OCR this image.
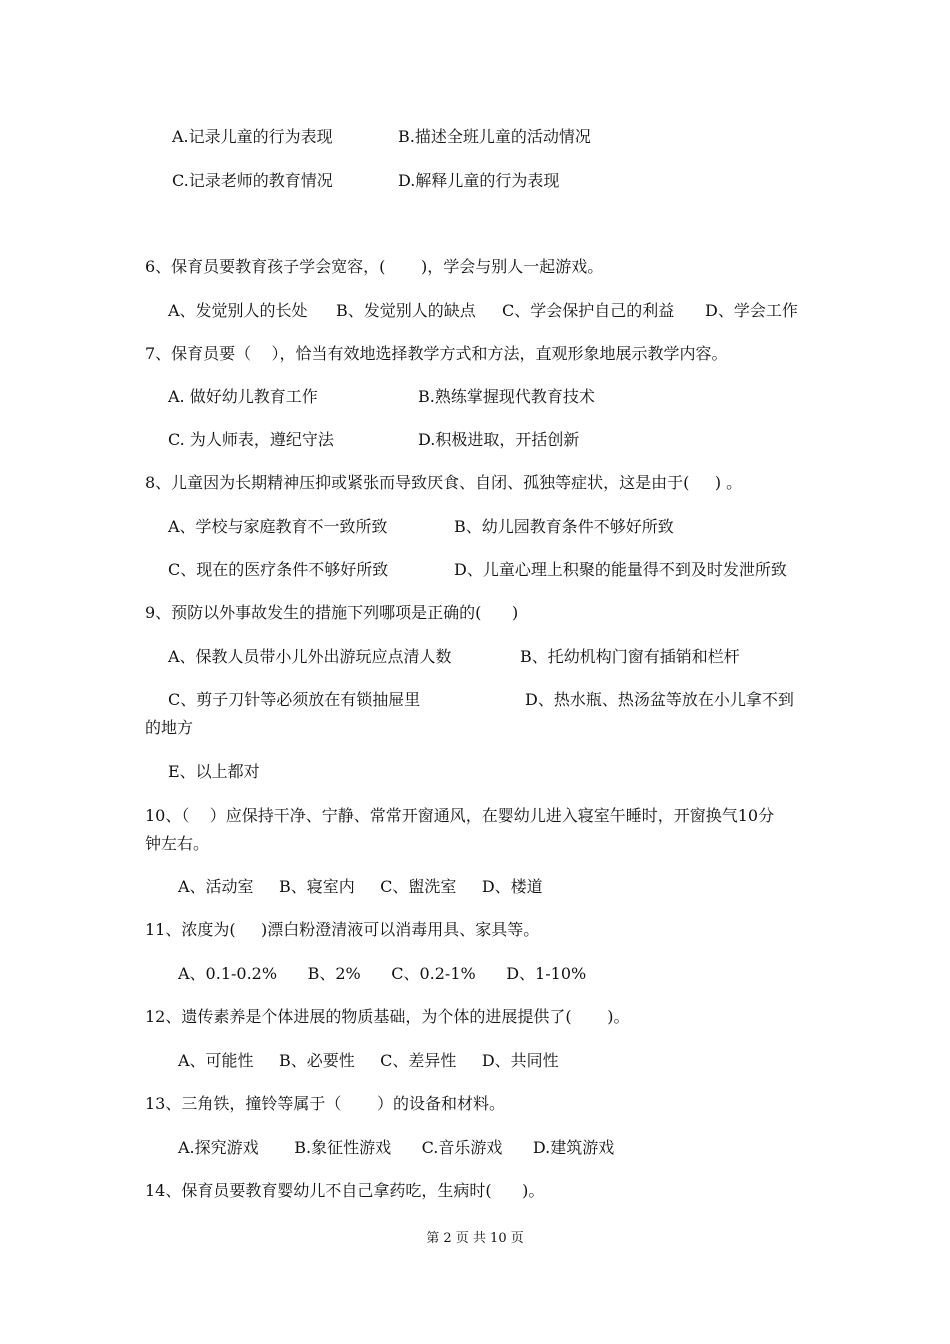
A.记录儿童的行为表现	B.描述全班儿童的活动情况
C.记录老师的教育情况	D.解释儿童的行为表现
6、保育员要教育孩子学会宽容，(       )，学会与别人一起游戏。
A、发觉别人的长处 B、发觉别人的缺点 C、学会保护自己的利益 D、学会工作
7、保育员要（    ），恰当有效地选择教学方式和方法，直观形象地展示教学内容。
A. 做好幼儿教育工作	B.熟练掌握现代教育技术
C. 为人师表，遵纪守法	D.积极进取，开括创新
8、儿童因为长期精神压抑或紧张而导致厌食、自闭、孤独等症状，这是由于(     ) 。
A、学校与家庭教育不一致所致	B、幼儿园教育条件不够好所致
C、现在的医疗条件不够好所致	D、儿童心理上积聚的能量得不到及时发泄所致
9、预防以外事故发生的措施下列哪项是正确的(      )
A、保教人员带小儿外出游玩应点清人数	B、托幼机构门窗有插销和栏杆
C、剪子刀针等必须放在有锁抽屉里	D、热水瓶、热汤盆等放在小儿拿不到
的地方
E、以上都对
10、（    ）应保持干净、宁静、常常开窗通风，在婴幼儿进入寝室午睡时，开窗换气10分
钟左右。
A、活动室     B、寝室内     C、盥洗室     D、楼道
11、浓度为(     )漂白粉澄清液可以消毒用具、家具等。
A、0.1-0.2%      B、2%      C、0.2-1%      D、1-10%
12、遗传素养是个体进展的物质基础，为个体的进展提供了(       )。
A、可能性     B、必要性     C、差异性     D、共同性
13、三角铁，撞铃等属于（       ）的设备和材料。
A.探究游戏       B.象征性游戏      C.音乐游戏      D.建筑游戏
14、保育员要教育婴幼儿不自己拿药吃，生病时(      )。
第 2 页 共 10 页
